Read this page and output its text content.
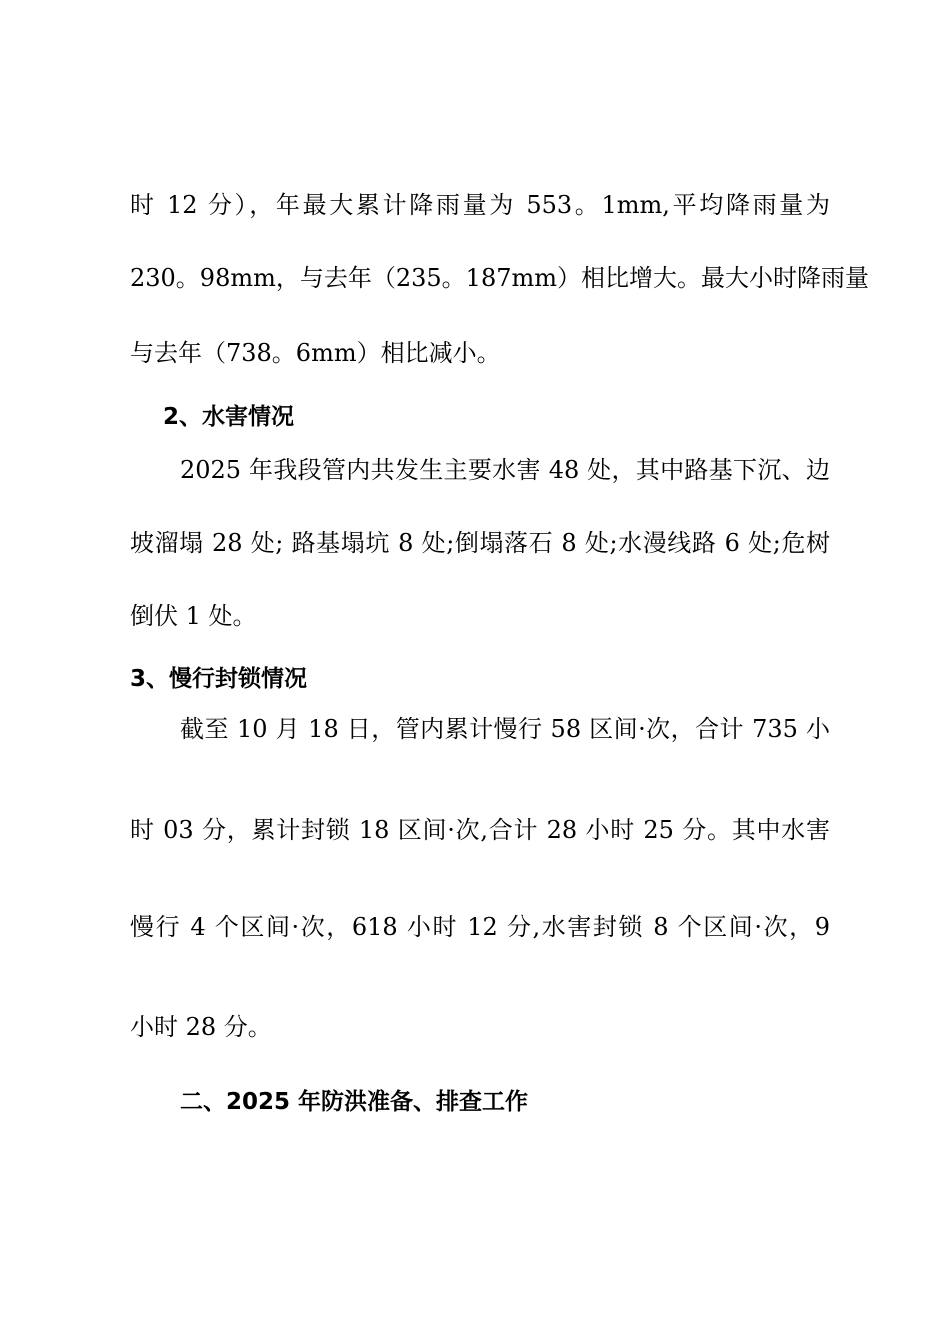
时 12 分），年最大累计降雨量为 553。1mm,平均降雨量为

230。98mm，与去年（235。187mm）相比增大。最大小时降雨量

与去年（738。6mm）相比减小。

2、水害情况

2025 年我段管内共发生主要水害 48 处，其中路基下沉、边

坡溜塌 28 处; 路基塌坑 8 处;倒塌落石 8 处;水漫线路 6 处;危树

倒伏 1 处。

3、慢行封锁情况

截至 10 月 18 日，管内累计慢行 58 区间·次，合计 735 小

时 03 分，累计封锁 18 区间·次,合计 28 小时 25 分。其中水害

慢行 4 个区间·次，618 小时 12 分,水害封锁 8 个区间·次，9

小时 28 分。

二、2025 年防洪准备、排查工作
